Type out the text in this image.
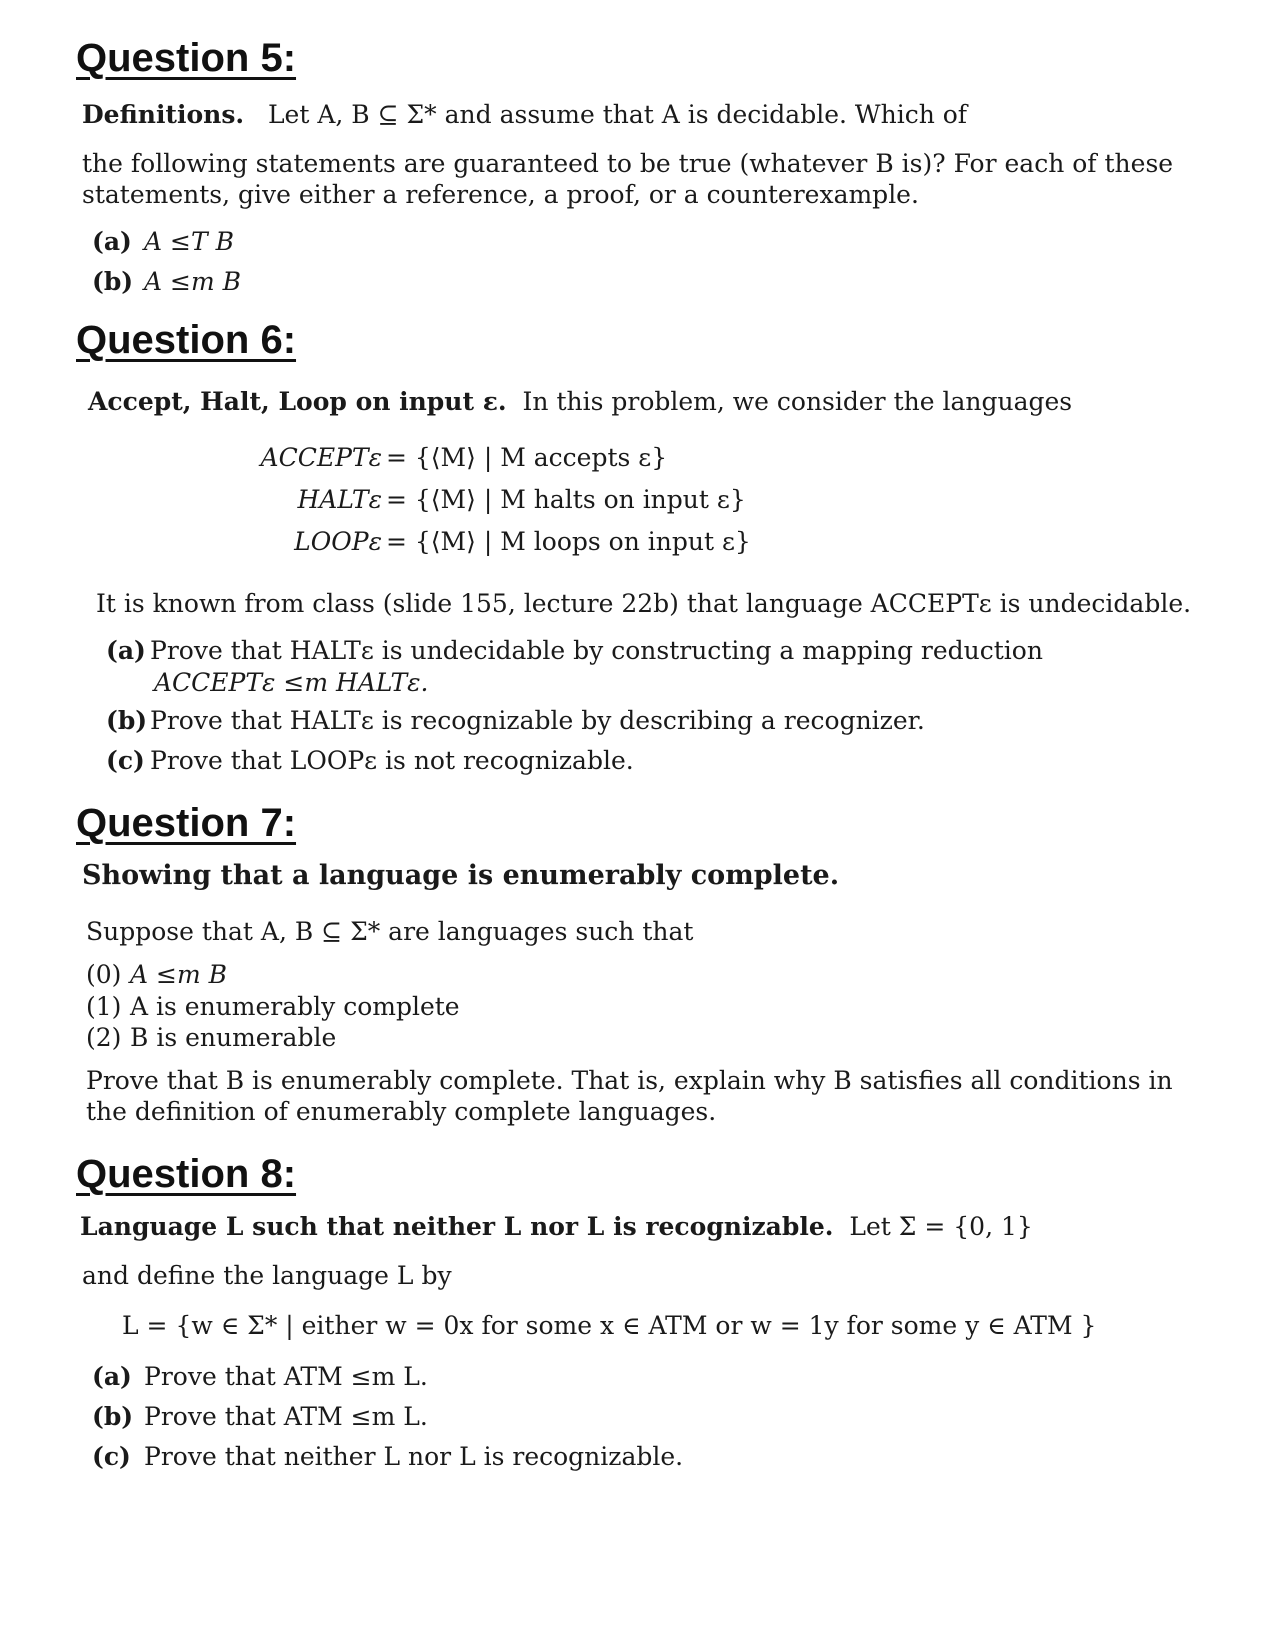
Question 5:
Definitions. Let A, B ⊆ Σ* and assume that A is decidable. Which of
the following statements are guaranteed to be true (whatever B is)? For each of these
statements, give either a reference, a proof, or a counterexample.
(a) A ≤T B
(b) A ≤m B
Question 6:
Accept, Halt, Loop on input ε. In this problem, we consider the languages
ACCEPTε = {⟨M⟩ | M accepts ε}
HALTε = {⟨M⟩ | M halts on input ε}
LOOPε = {⟨M⟩ | M loops on input ε}
It is known from class (slide 155, lecture 22b) that language ACCEPTε is undecidable.
(a) Prove that HALTε is undecidable by constructing a mapping reduction
ACCEPTε ≤m HALTε.
(b) Prove that HALTε is recognizable by describing a recognizer.
(c) Prove that LOOPε is not recognizable.
Question 7:
Showing that a language is enumerably complete.
Suppose that A, B ⊆ Σ* are languages such that
(0) A ≤m B
(1) A is enumerably complete
(2) B is enumerable
Prove that B is enumerably complete. That is, explain why B satisfies all conditions in
the definition of enumerably complete languages.
Question 8:
Language L such that neither L nor L is recognizable. Let Σ = {0, 1}
and define the language L by
L = {w ∈ Σ* | either w = 0x for some x ∈ ATM or w = 1y for some y ∈ ATM }
(a) Prove that ATM ≤m L.
(b) Prove that ATM ≤m L.
(c) Prove that neither L nor L is recognizable.
